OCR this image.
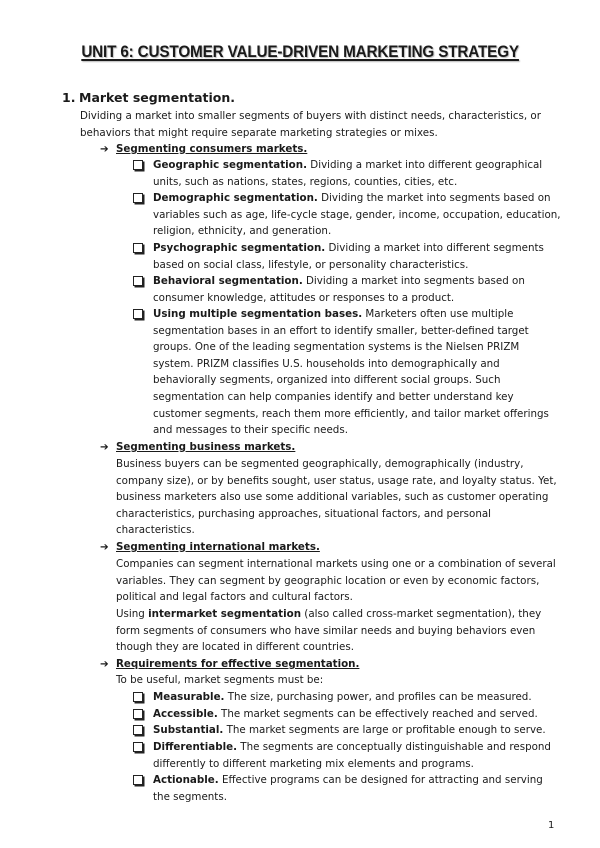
UNIT 6: CUSTOMER VALUE-DRIVEN MARKETING STRATEGY
1. Market segmentation.
Dividing a market into smaller segments of buyers with distinct needs, characteristics, or behaviors that might require separate marketing strategies or mixes.
➔ Segmenting consumers markets.
Geographic segmentation. Dividing a market into different geographical units, such as nations, states, regions, counties, cities, etc.
Demographic segmentation. Dividing the market into segments based on variables such as age, life-cycle stage, gender, income, occupation, education, religion, ethnicity, and generation.
Psychographic segmentation. Dividing a market into different segments based on social class, lifestyle, or personality characteristics.
Behavioral segmentation. Dividing a market into segments based on consumer knowledge, attitudes or responses to a product.
Using multiple segmentation bases. Marketers often use multiple segmentation bases in an effort to identify smaller, better-defined target groups. One of the leading segmentation systems is the Nielsen PRIZM system. PRIZM classifies U.S. households into demographically and behaviorally segments, organized into different social groups. Such segmentation can help companies identify and better understand key customer segments, reach them more efficiently, and tailor market offerings and messages to their specific needs.
➔ Segmenting business markets.
Business buyers can be segmented geographically, demographically (industry, company size), or by benefits sought, user status, usage rate, and loyalty status. Yet, business marketers also use some additional variables, such as customer operating characteristics, purchasing approaches, situational factors, and personal characteristics.
➔ Segmenting international markets.
Companies can segment international markets using one or a combination of several variables. They can segment by geographic location or even by economic factors, political and legal factors and cultural factors.
Using intermarket segmentation (also called cross-market segmentation), they form segments of consumers who have similar needs and buying behaviors even though they are located in different countries.
➔ Requirements for effective segmentation.
To be useful, market segments must be:
Measurable. The size, purchasing power, and profiles can be measured.
Accessible. The market segments can be effectively reached and served.
Substantial. The market segments are large or profitable enough to serve.
Differentiable. The segments are conceptually distinguishable and respond differently to different marketing mix elements and programs.
Actionable. Effective programs can be designed for attracting and serving the segments.
1
